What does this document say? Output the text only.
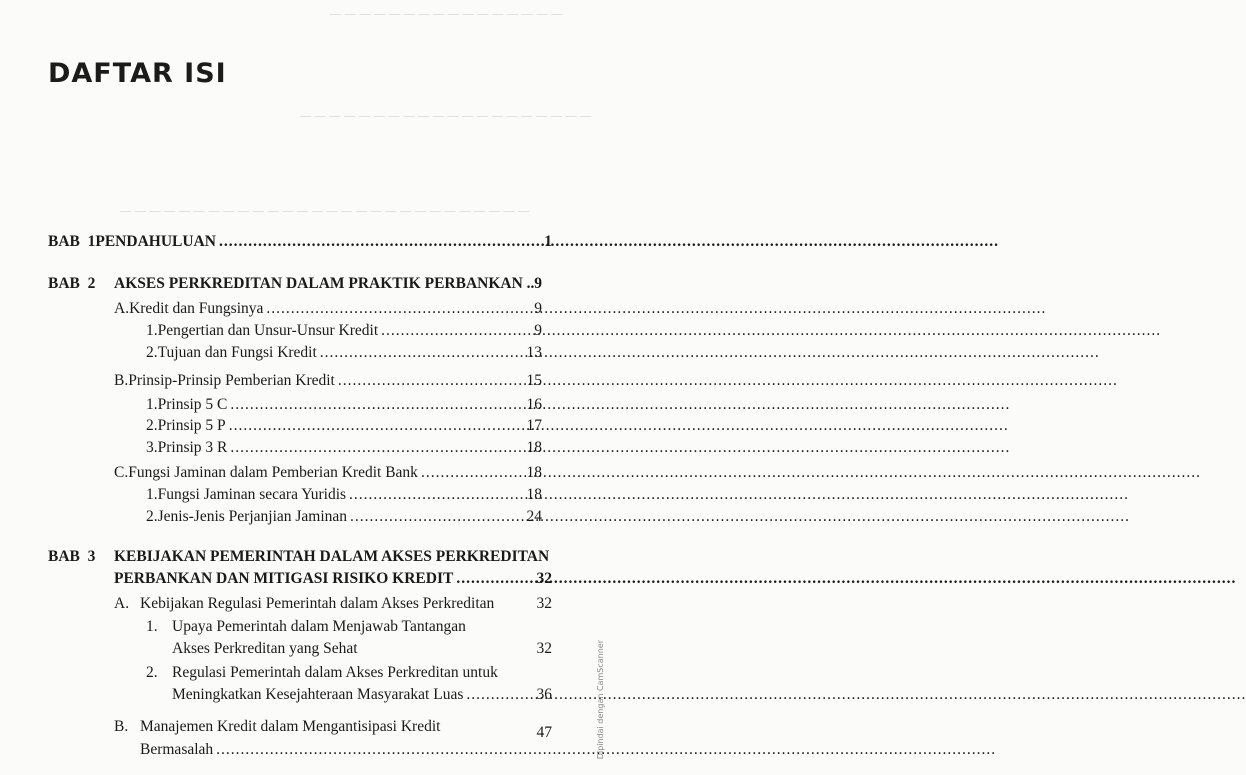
— — — — — — — — — — — — — — — —
— — — — — — — — — — — — — — — — — — — —
— — — — — — — — — — — — — — — — — — — — — — — — — — — —
DAFTAR ISI
BAB 1 PENDAHULUAN .....	1
BAB 2	AKSES PERKREDITAN DALAM PRAKTIK PERBANKAN .. 9
A. Kredit dan Fungsinya .....	9
1. Pengertian dan Unsur-Unsur Kredit .....	9
2. Tujuan dan Fungsi Kredit .....	13
B. Prinsip-Prinsip Pemberian Kredit .....	15
1. Prinsip 5 C .....	16
2. Prinsip 5 P .....	17
3. Prinsip 3 R .....	18
C. Fungsi Jaminan dalam Pemberian Kredit Bank .....	18
1. Fungsi Jaminan secara Yuridis .....	18
2. Jenis-Jenis Perjanjian Jaminan .....	24
BAB 3	KEBIJAKAN PEMERINTAH DALAM AKSES PERKREDITAN
PERBANKAN DAN MITIGASI RISIKO KREDIT .....	32
A. Kebijakan Regulasi Pemerintah dalam Akses Perkreditan	32
1. Upaya Pemerintah dalam Menjawab Tantangan
Akses Perkreditan yang Sehat	32
2. Regulasi Pemerintah dalam Akses Perkreditan untuk
Meningkatkan Kesejahteraan Masyarakat Luas .....	36
B. Manajemen Kredit dalam Mengantisipasi Kredit	47
Bermasalah .....	Dipindai dengan CamScanner
